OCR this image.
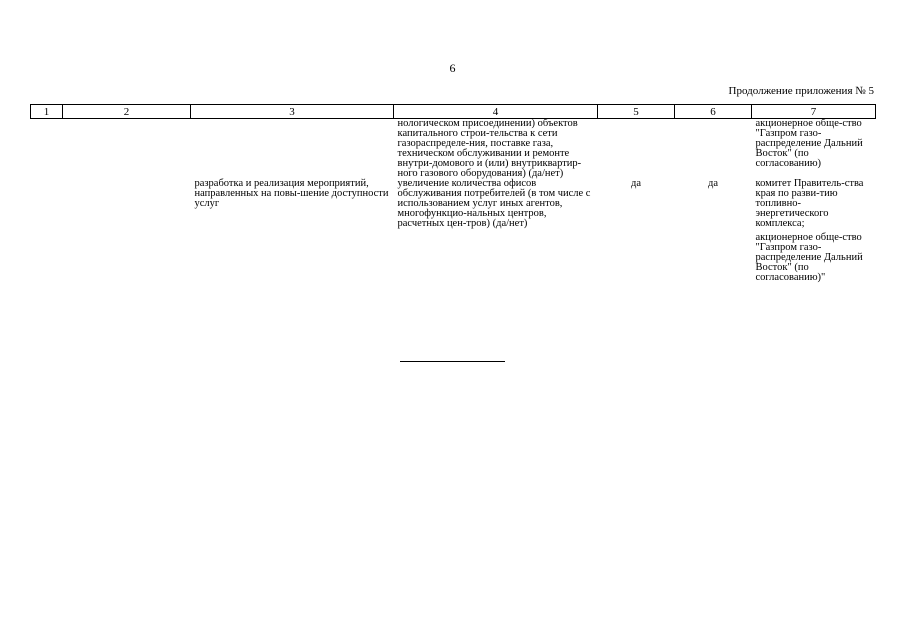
6
Продолжение приложения № 5
1	2	3	4	5	6	7
			нологическом присоединении) объектов капитального строи-тельства к сети газораспределе-ния, поставке газа, техническом обслуживании и ремонте внутри-домового и (или) внутриквартир-ного газового оборудования) (да/нет)			акционерное обще-ство "Газпром газо-распределение Дальний Восток" (по согласованию)

		разработка и реализация мероприятий, направленных на повы-шение доступности услуг	увеличение количества офисов обслуживания потребителей (в том числе с использованием услуг иных агентов, многофункцио-нальных центров, расчетных цен-тров) (да/нет)	да	да	комитет Правитель-ства края по разви-тию топливно-энергетического комплекса;
акционерное обще-ство "Газпром газо-распределение Дальний Восток" (по согласованию)"
